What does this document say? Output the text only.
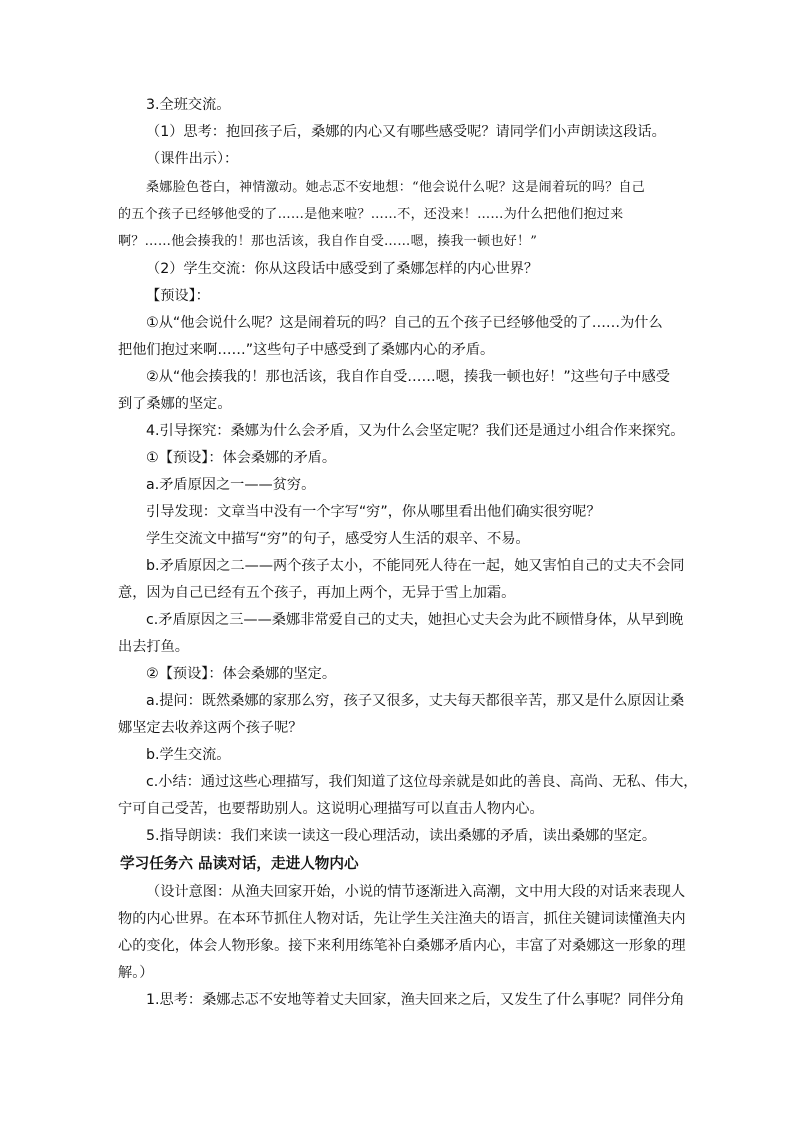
3.全班交流。
（1）思考：抱回孩子后，桑娜的内心又有哪些感受呢？请同学们小声朗读这段话。
（课件出示）：
桑娜脸色苍白，神情激动。她忐忑不安地想：“他会说什么呢？这是闹着玩的吗？自己
的五个孩子已经够他受的了……是他来啦？……不，还没来！……为什么把他们抱过来
啊？……他会揍我的！那也活该，我自作自受……嗯，揍我一顿也好！”
（2）学生交流：你从这段话中感受到了桑娜怎样的内心世界？
【预设】：
①从“他会说什么呢？这是闹着玩的吗？自己的五个孩子已经够他受的了……为什么
把他们抱过来啊……”这些句子中感受到了桑娜内心的矛盾。
②从“他会揍我的！那也活该，我自作自受……嗯，揍我一顿也好！”这些句子中感受
到了桑娜的坚定。
4.引导探究：桑娜为什么会矛盾，又为什么会坚定呢？我们还是通过小组合作来探究。
①【预设】：体会桑娜的矛盾。
a.矛盾原因之一——贫穷。
引导发现：文章当中没有一个字写“穷”，你从哪里看出他们确实很穷呢？
学生交流文中描写“穷”的句子，感受穷人生活的艰辛、不易。
b.矛盾原因之二——两个孩子太小，不能同死人待在一起，她又害怕自己的丈夫不会同
意，因为自己已经有五个孩子，再加上两个，无异于雪上加霜。
c.矛盾原因之三——桑娜非常爱自己的丈夫，她担心丈夫会为此不顾惜身体，从早到晚
出去打鱼。
②【预设】：体会桑娜的坚定。
a.提问：既然桑娜的家那么穷，孩子又很多，丈夫每天都很辛苦，那又是什么原因让桑
娜坚定去收养这两个孩子呢？
b.学生交流。
c.小结：通过这些心理描写，我们知道了这位母亲就是如此的善良、高尚、无私、伟大，
宁可自己受苦，也要帮助别人。这说明心理描写可以直击人物内心。
5.指导朗读：我们来读一读这一段心理活动，读出桑娜的矛盾，读出桑娜的坚定。
学习任务六 品读对话，走进人物内心
（设计意图：从渔夫回家开始，小说的情节逐渐进入高潮，文中用大段的对话来表现人
物的内心世界。在本环节抓住人物对话，先让学生关注渔夫的语言，抓住关键词读懂渔夫内
心的变化，体会人物形象。接下来利用练笔补白桑娜矛盾内心，丰富了对桑娜这一形象的理
解。）
1.思考：桑娜忐忑不安地等着丈夫回家，渔夫回来之后，又发生了什么事呢？同伴分角
